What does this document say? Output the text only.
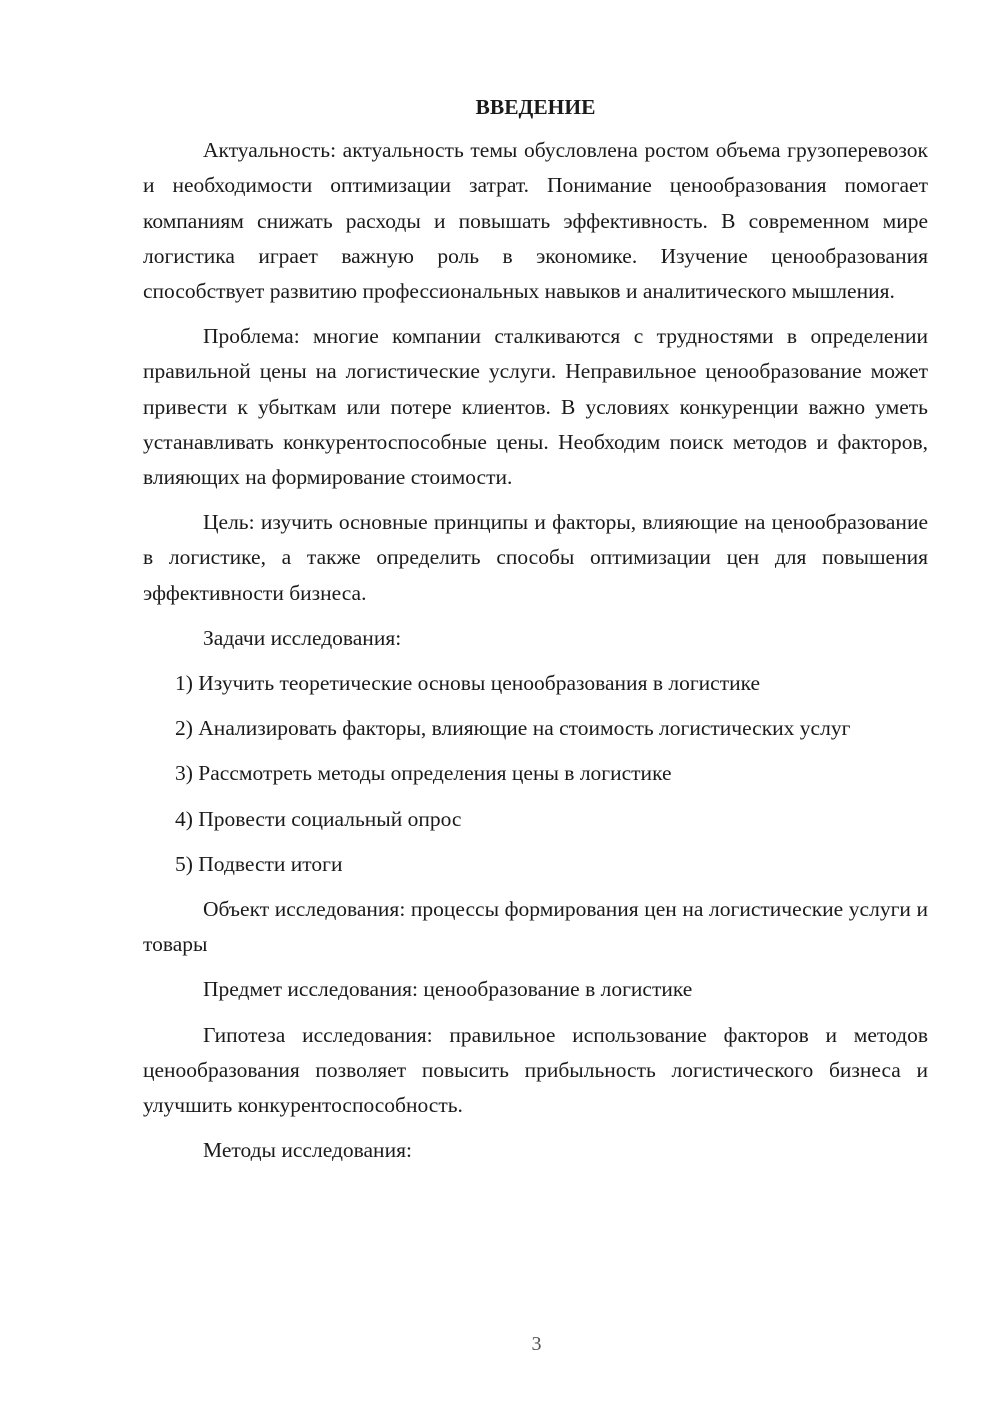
ВВЕДЕНИЕ

Актуальность: актуальность темы обусловлена ростом объема грузоперевозок и необходимости оптимизации затрат. Понимание ценообразования помогает компаниям снижать расходы и повышать эффективность. В современном мире логистика играет важную роль в экономике. Изучение ценообразования способствует развитию профессиональных навыков и аналитического мышления.

Проблема: многие компании сталкиваются с трудностями в определении правильной цены на логистические услуги. Неправильное ценообразование может привести к убыткам или потере клиентов. В условиях конкуренции важно уметь устанавливать конкурентоспособные цены. Необходим поиск методов и факторов, влияющих на формирование стоимости.

Цель: изучить основные принципы и факторы, влияющие на ценообразование в логистике, а также определить способы оптимизации цен для повышения эффективности бизнеса.

Задачи исследования:

1) Изучить теоретические основы ценообразования в логистике

2) Анализировать факторы, влияющие на стоимость логистических услуг

3) Рассмотреть методы определения цены в логистике

4) Провести социальный опрос

5) Подвести итоги

Объект исследования: процессы формирования цен на логистические услуги и товары

Предмет исследования: ценообразование в логистике

Гипотеза исследования: правильное использование факторов и методов ценообразования позволяет повысить прибыльность логистического бизнеса и улучшить конкурентоспособность.

Методы исследования:

3
